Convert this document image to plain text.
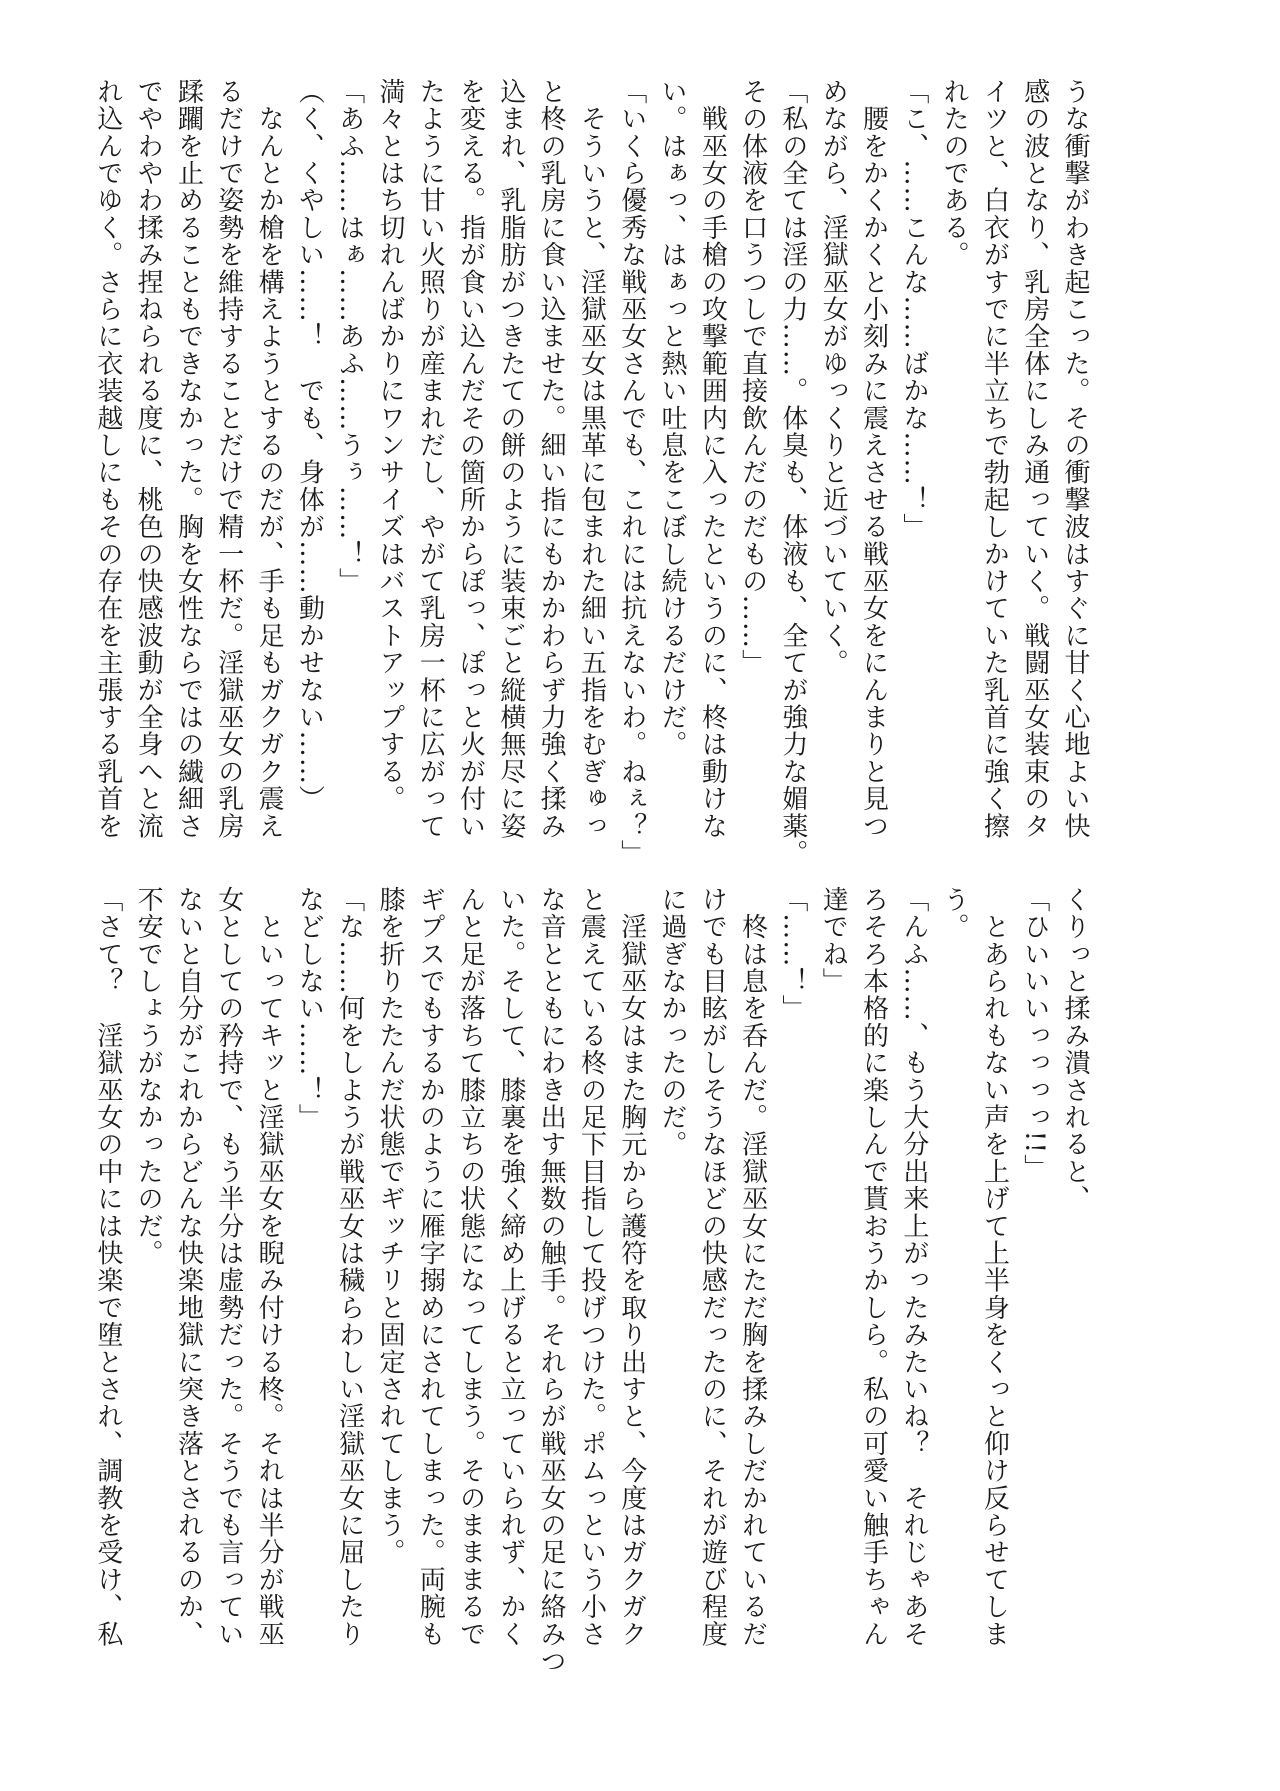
うな衝撃がわき起こった。その衝撃波はすぐに甘く心地よい快
感の波となり、乳房全体にしみ通っていく。戦闘巫女装束のタ
イツと、白衣がすでに半立ちで勃起しかけていた乳首に強く擦
れたのである。
「こ、……こんな……ばかな……！」
　腰をかくかくと小刻みに震えさせる戦巫女をにんまりと見つ
めながら、淫獄巫女がゆっくりと近づいていく。
「私の全ては淫の力……。体臭も、体液も、全てが強力な媚薬。
その体液を口うつしで直接飲んだのだもの……」
　戦巫女の手槍の攻撃範囲内に入ったというのに、柊は動けな
い。はぁっ、はぁっと熱い吐息をこぼし続けるだけだ。
「いくら優秀な戦巫女さんでも、これには抗えないわ。ねぇ？」
　そういうと、淫獄巫女は黒革に包まれた細い五指をむぎゅっ
と柊の乳房に食い込ませた。細い指にもかかわらず力強く揉み
込まれ、乳脂肪がつきたての餅のように装束ごと縦横無尽に姿
を変える。指が食い込んだその箇所からぽっ、ぽっと火が付い
たように甘い火照りが産まれだし、やがて乳房一杯に広がって
満々とはち切れんばかりにワンサイズはバストアップする。
「あふ……はぁ……あふ……うぅ……！」
（く、くやしい……！　でも、身体が……動かせない……）
　なんとか槍を構えようとするのだが、手も足もガクガク震え
るだけで姿勢を維持することだけで精一杯だ。淫獄巫女の乳房
蹂躙を止めることもできなかった。胸を女性ならではの繊細さ
でやわやわ揉み捏ねられる度に、桃色の快感波動が全身へと流
れ込んでゆく。さらに衣装越しにもその存在を主張する乳首を
くりっと揉み潰されると、
「ひいいいっっっっ!!」
　とあられもない声を上げて上半身をくっと仰け反らせてしま
う。
「んふ……、もう大分出来上がったみたいね？　それじゃあそ
ろそろ本格的に楽しんで貰おうかしら。私の可愛い触手ちゃん
達でね」
「……！」
　柊は息を呑んだ。淫獄巫女にただ胸を揉みしだかれているだ
けでも目眩がしそうなほどの快感だったのに、それが遊び程度
に過ぎなかったのだ。
　淫獄巫女はまた胸元から護符を取り出すと、今度はガクガク
と震えている柊の足下目指して投げつけた。ポムっという小さ
な音とともにわき出す無数の触手。それらが戦巫女の足に絡みつ
いた。そして、膝裏を強く締め上げると立っていられず、かく
んと足が落ちて膝立ちの状態になってしまう。そのまままるで
ギプスでもするかのように雁字搦めにされてしまった。両腕も
膝を折りたたんだ状態でギッチリと固定されてしまう。
「な……何をしようが戦巫女は穢らわしい淫獄巫女に屈したり
などしない……！」
　といってキッと淫獄巫女を睨み付ける柊。それは半分が戦巫
女としての矜持で、もう半分は虚勢だった。そうでも言ってい
ないと自分がこれからどんな快楽地獄に突き落とされるのか、
不安でしょうがなかったのだ。
「さて？　淫獄巫女の中には快楽で堕とされ、調教を受け、私
